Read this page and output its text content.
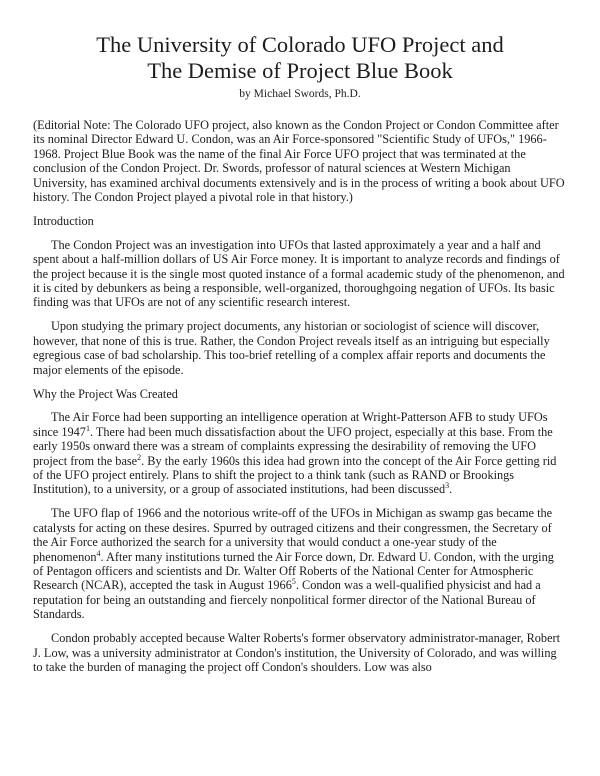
The University of Colorado UFO Project and
The Demise of Project Blue Book
by Michael Swords, Ph.D.

(Editorial Note: The Colorado UFO project, also known as the Condon Project or Condon Committee after its nominal Director Edward U. Condon, was an Air Force-sponsored "Scientific Study of UFOs," 1966-1968. Project Blue Book was the name of the final Air Force UFO project that was terminated at the conclusion of the Condon Project. Dr. Swords, professor of natural sciences at Western Michigan University, has examined archival documents extensively and is in the process of writing a book about UFO history. The Condon Project played a pivotal role in that history.)

Introduction

The Condon Project was an investigation into UFOs that lasted approximately a year and a half and spent about a half-million dollars of US Air Force money. It is important to analyze records and findings of the project because it is the single most quoted instance of a formal academic study of the phenomenon, and it is cited by debunkers as being a responsible, well-organized, thoroughgoing negation of UFOs. Its basic finding was that UFOs are not of any scientific research interest.

Upon studying the primary project documents, any historian or sociologist of science will discover, however, that none of this is true. Rather, the Condon Project reveals itself as an intriguing but especially egregious case of bad scholarship. This too-brief retelling of a complex affair reports and documents the major elements of the episode.

Why the Project Was Created

The Air Force had been supporting an intelligence operation at Wright-Patterson AFB to study UFOs since 1947$^1$. There had been much dissatisfaction about the UFO project, especially at this base. From the early 1950s onward there was a stream of complaints expressing the desirability of removing the UFO project from the base$^2$. By the early 1960s this idea had grown into the concept of the Air Force getting rid of the UFO project entirely. Plans to shift the project to a think tank (such as RAND or Brookings Institution), to a university, or a group of associated institutions, had been discussed$^3$.

The UFO flap of 1966 and the notorious write-off of the UFOs in Michigan as swamp gas became the catalysts for acting on these desires. Spurred by outraged citizens and their congressmen, the Secretary of the Air Force authorized the search for a university that would conduct a one-year study of the phenomenon$^4$. After many institutions turned the Air Force down, Dr. Edward U. Condon, with the urging of Pentagon officers and scientists and Dr. Walter Off Roberts of the National Center for Atmospheric Research (NCAR), accepted the task in August 1966$^5$. Condon was a well-qualified physicist and had a reputation for being an outstanding and fiercely nonpolitical former director of the National Bureau of Standards.

Condon probably accepted because Walter Roberts's former observatory administrator-manager, Robert J. Low, was a university administrator at Condon's institution, the University of Colorado, and was willing to take the burden of managing the project off Condon's shoulders. Low was also
